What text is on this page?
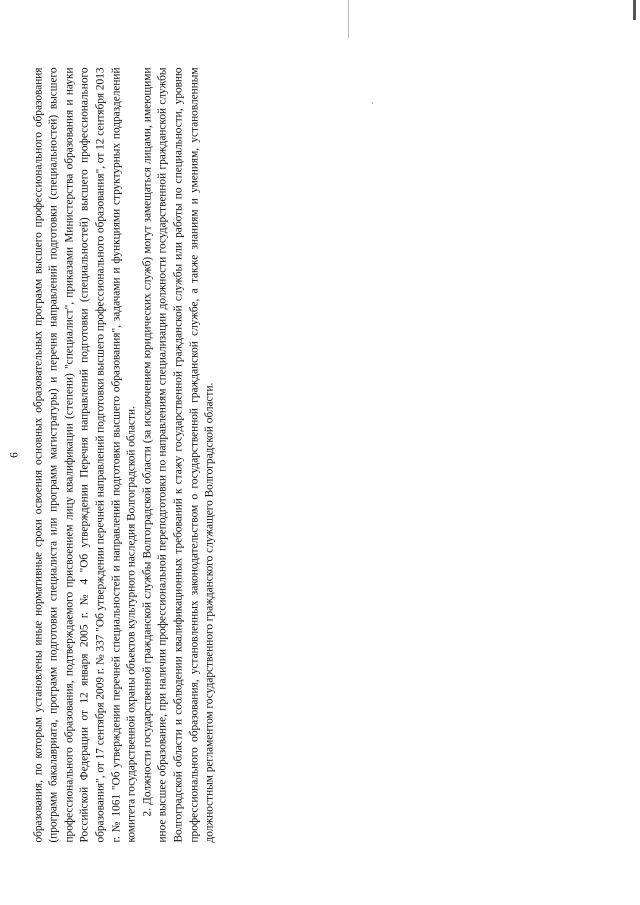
6 образования, по которым установлены иные нормативные сроки освоения основных образовательных программ высшего профессионального образования (программ бакалавриата, программ подготовки специалиста или программ магистратуры) и перечня направлений подготовки (специальностей) высшего профессионального образования, подтверждаемого присвоением лицу квалификации (степени) "специалист", приказами Министерства образования и науки Российской Федерации от 12 января 2005 г. № 4 "Об утверждении Перечня направлений подготовки (специальностей) высшего профессионального образования", от 17 сентября 2009 г. № 337 "Об утверждении перечней направлений подготовки высшего профессионального образования", от 12 сентября 2013 г. № 1061 "Об утверждении перечней специальностей и направлений подготовки высшего образования", задачами и функциями структурных подразделений комитета государственной охраны объектов культурного наследия Волгоградской области. 2. Должности государственной гражданской службы Волгоградской области (за исключением юридических служб) могут замещаться лицами, имеющими иное высшее образование, при наличии профессиональной переподготовки по направлениям специализации должности государственной гражданской службы Волгоградской области и соблюдении квалификационных требований к стажу государственной гражданской службы или работы по специальности, уровню профессионального образования, установленных законодательством о государственной гражданской службе, а также знаниям и умениям, установленным должностным регламентом государственного гражданского служащего Волгоградской области.
